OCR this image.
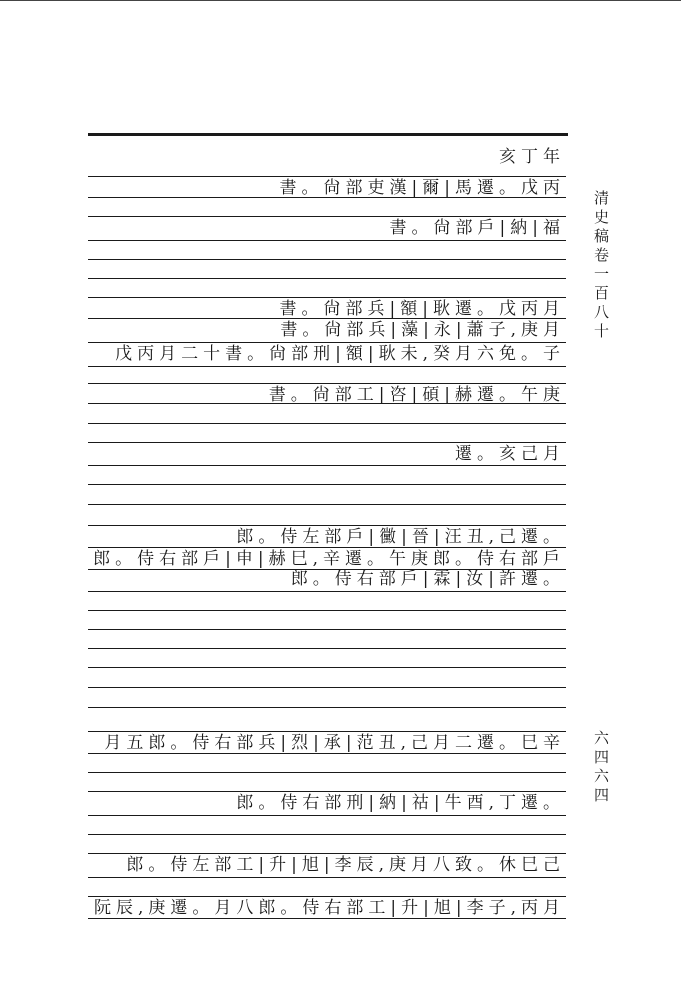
亥丁年
書。尙部吏漢|爾|馬遷。戊丙
書。尙部戶|納|福
書。尙部兵|額|耿遷。戊丙月
書。尙部兵|藻|永|蕭子,庚月
戊丙月二十書。尙部刑|額|耿未,癸月六免。子
書。尙部工|咨|碩|赫遷。午庚
遷。亥己月
郎。侍左部戶|黴|晉|汪丑,己遷。
郎。侍右部戶|申|赫巳,辛遷。午庚郎。侍右部戶
郎。侍右部戶|霖|汝|許遷。
月五郎。侍右部兵|烈|承|范丑,己月二遷。巳辛
郎。侍右部刑|納|祜|牛酉,丁遷。
郎。侍左部工|升|旭|李辰,庚月八致。休巳己
阮辰,庚遷。月八郎。侍右部工|升|旭|李子,丙月
清史稿卷一百八十
六四六四
